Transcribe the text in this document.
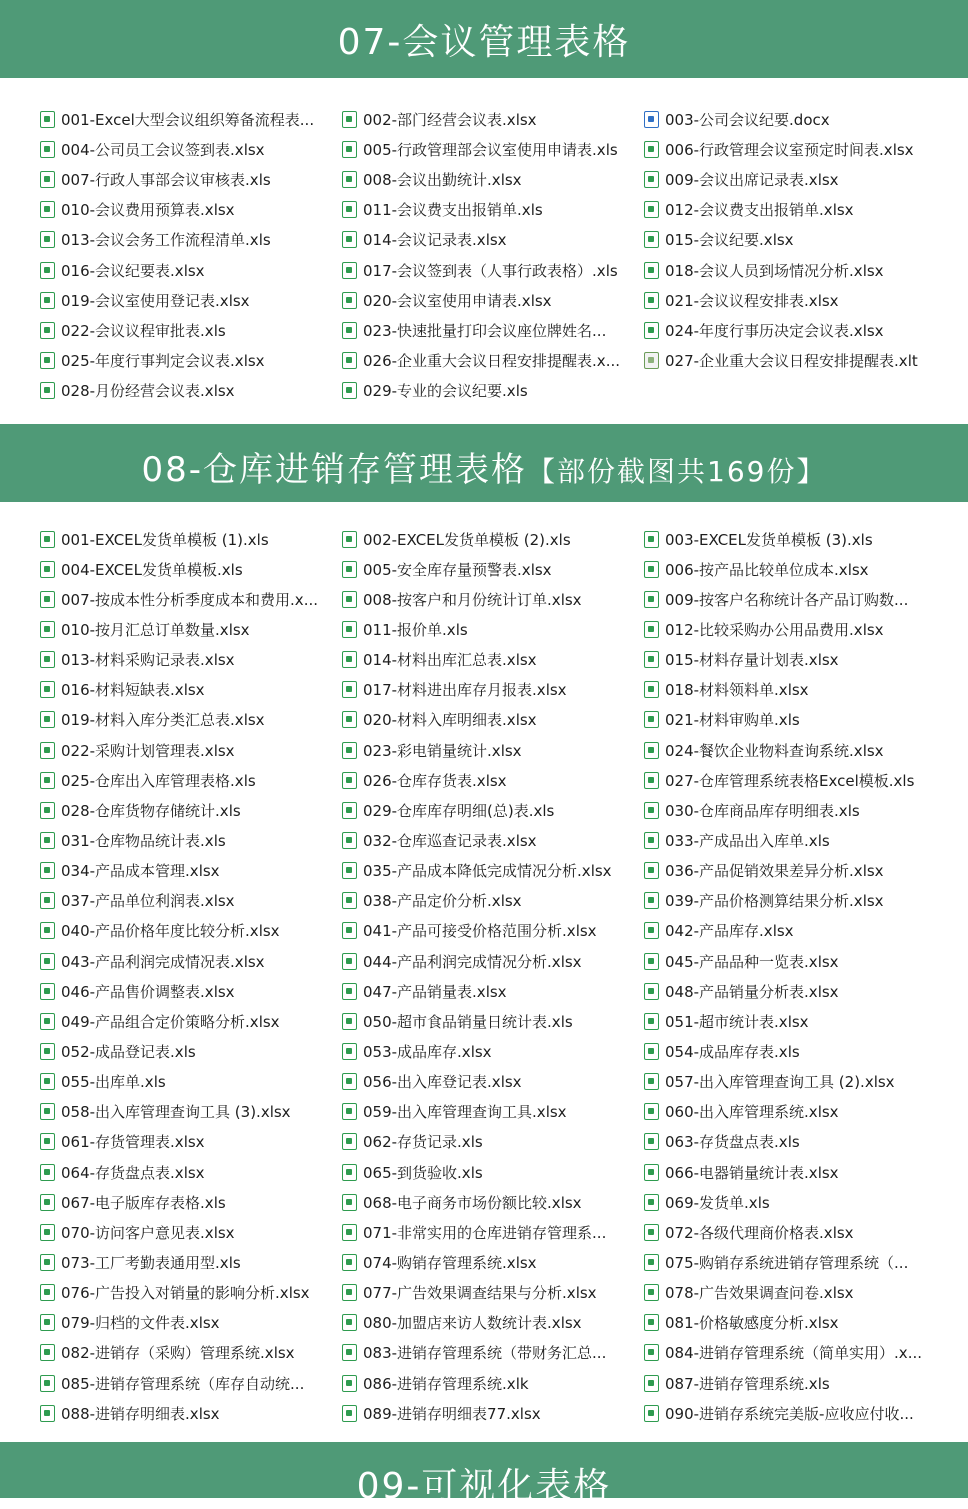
07-会议管理表格
001-Excel大型会议组织筹备流程表...	002-部门经营会议表.xlsx	003-公司会议纪要.docx
004-公司员工会议签到表.xlsx	005-行政管理部会议室使用申请表.xls	006-行政管理会议室预定时间表.xlsx
007-行政人事部会议审核表.xls	008-会议出勤统计.xlsx	009-会议出席记录表.xlsx
010-会议费用预算表.xlsx	011-会议费支出报销单.xls	012-会议费支出报销单.xlsx
013-会议会务工作流程清单.xls	014-会议记录表.xlsx	015-会议纪要.xlsx
016-会议纪要表.xlsx	017-会议签到表（人事行政表格）.xls	018-会议人员到场情况分析.xlsx
019-会议室使用登记表.xlsx	020-会议室使用申请表.xlsx	021-会议议程安排表.xlsx
022-会议议程审批表.xls	023-快速批量打印会议座位牌姓名...	024-年度行事历决定会议表.xlsx
025-年度行事判定会议表.xlsx	026-企业重大会议日程安排提醒表.x...	027-企业重大会议日程安排提醒表.xlt
028-月份经营会议表.xlsx	029-专业的会议纪要.xls
08-仓库进销存管理表格【部份截图共169份】
001-EXCEL发货单模板 (1).xls	002-EXCEL发货单模板 (2).xls	003-EXCEL发货单模板 (3).xls
004-EXCEL发货单模板.xls	005-安全库存量预警表.xlsx	006-按产品比较单位成本.xlsx
007-按成本性分析季度成本和费用.x...	008-按客户和月份统计订单.xlsx	009-按客户名称统计各产品订购数...
010-按月汇总订单数量.xlsx	011-报价单.xls	012-比较采购办公用品费用.xlsx
013-材料采购记录表.xlsx	014-材料出库汇总表.xlsx	015-材料存量计划表.xlsx
016-材料短缺表.xlsx	017-材料进出库存月报表.xlsx	018-材料领料单.xlsx
019-材料入库分类汇总表.xlsx	020-材料入库明细表.xlsx	021-材料审购单.xls
022-采购计划管理表.xlsx	023-彩电销量统计.xlsx	024-餐饮企业物料查询系统.xlsx
025-仓库出入库管理表格.xls	026-仓库存货表.xlsx	027-仓库管理系统表格Excel模板.xls
028-仓库货物存储统计.xls	029-仓库库存明细(总)表.xls	030-仓库商品库存明细表.xls
031-仓库物品统计表.xls	032-仓库巡查记录表.xlsx	033-产成品出入库单.xls
034-产品成本管理.xlsx	035-产品成本降低完成情况分析.xlsx	036-产品促销效果差异分析.xlsx
037-产品单位利润表.xlsx	038-产品定价分析.xlsx	039-产品价格测算结果分析.xlsx
040-产品价格年度比较分析.xlsx	041-产品可接受价格范围分析.xlsx	042-产品库存.xlsx
043-产品利润完成情况表.xlsx	044-产品利润完成情况分析.xlsx	045-产品品种一览表.xlsx
046-产品售价调整表.xlsx	047-产品销量表.xlsx	048-产品销量分析表.xlsx
049-产品组合定价策略分析.xlsx	050-超市食品销量日统计表.xls	051-超市统计表.xlsx
052-成品登记表.xls	053-成品库存.xlsx	054-成品库存表.xls
055-出库单.xls	056-出入库登记表.xlsx	057-出入库管理查询工具 (2).xlsx
058-出入库管理查询工具 (3).xlsx	059-出入库管理查询工具.xlsx	060-出入库管理系统.xlsx
061-存货管理表.xlsx	062-存货记录.xls	063-存货盘点表.xls
064-存货盘点表.xlsx	065-到货验收.xls	066-电器销量统计表.xlsx
067-电子版库存表格.xls	068-电子商务市场份额比较.xlsx	069-发货单.xls
070-访问客户意见表.xlsx	071-非常实用的仓库进销存管理系...	072-各级代理商价格表.xlsx
073-工厂考勤表通用型.xls	074-购销存管理系统.xlsx	075-购销存系统进销存管理系统（...
076-广告投入对销量的影响分析.xlsx	077-广告效果调查结果与分析.xlsx	078-广告效果调查问卷.xlsx
079-归档的文件表.xlsx	080-加盟店来访人数统计表.xlsx	081-价格敏感度分析.xlsx
082-进销存（采购）管理系统.xlsx	083-进销存管理系统（带财务汇总...	084-进销存管理系统（简单实用）.x...
085-进销存管理系统（库存自动统...	086-进销存管理系统.xlk	087-进销存管理系统.xls
088-进销存明细表.xlsx	089-进销存明细表77.xlsx	090-进销存系统完美版-应收应付收...
09-可视化表格
